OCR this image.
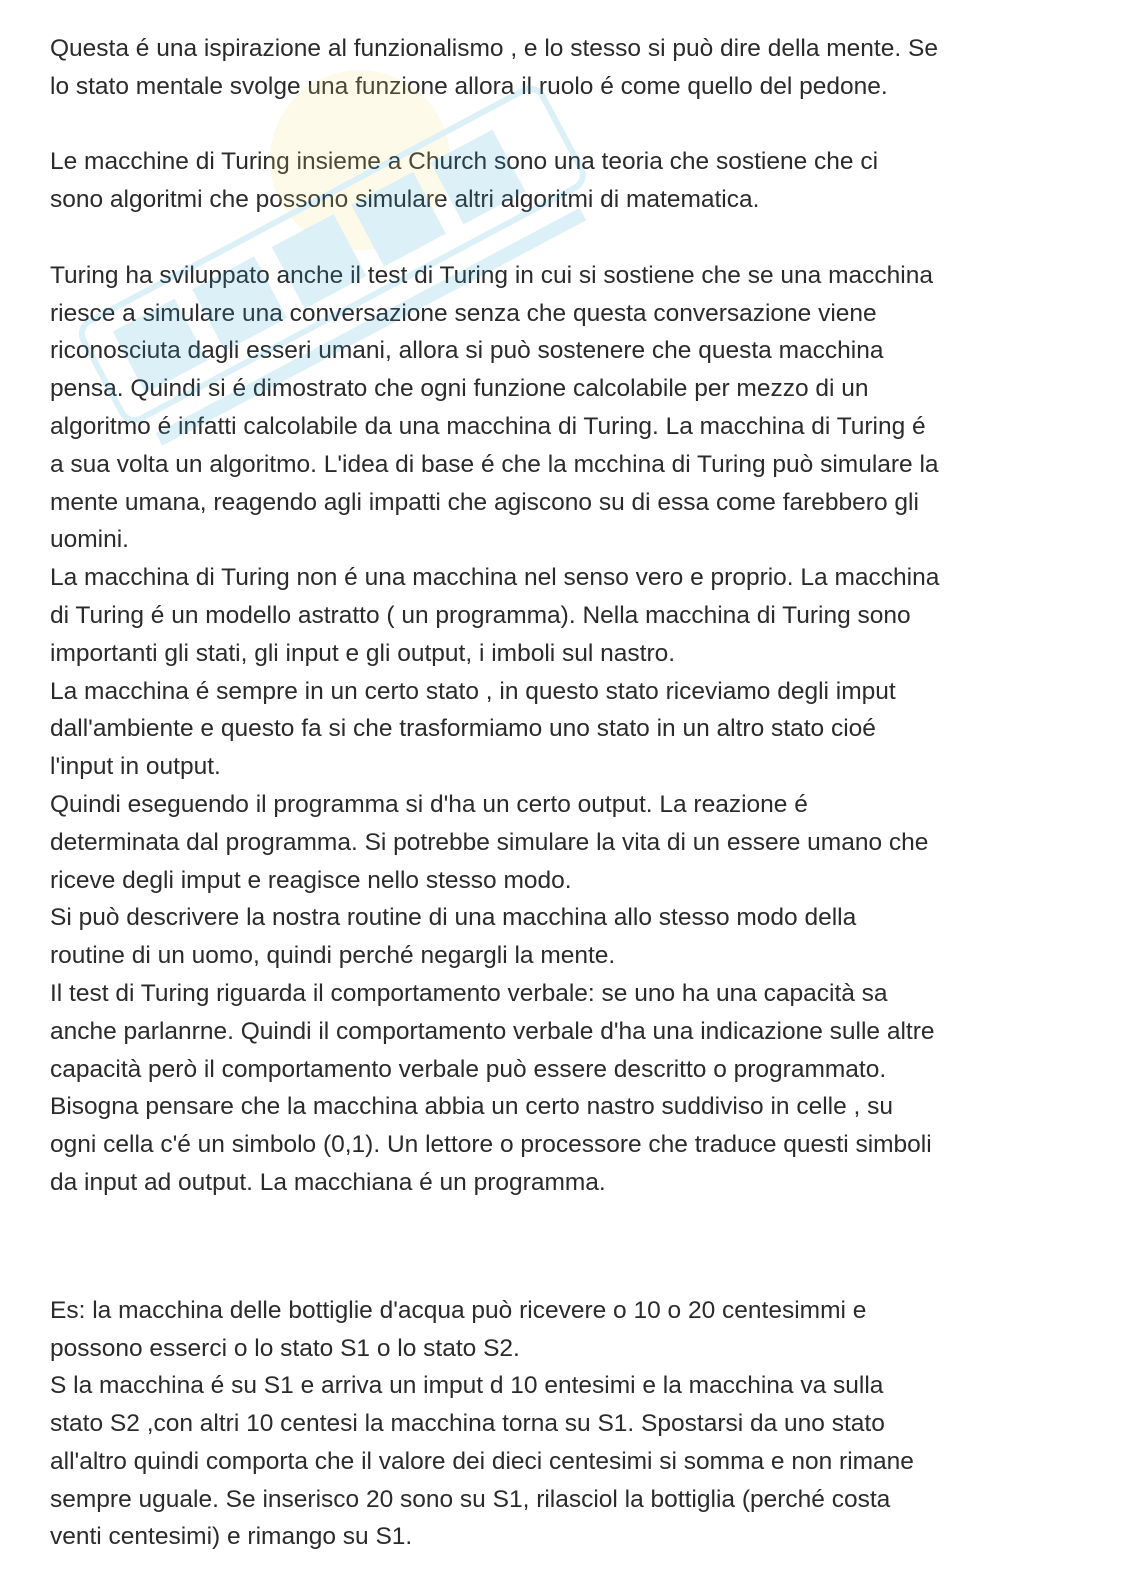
Questa é una ispirazione al funzionalismo , e lo stesso si può dire della mente. Se
lo stato mentale svolge una funzione allora il ruolo é come quello del pedone.
Le macchine di Turing insieme a Church sono una teoria che sostiene che ci
sono algoritmi che possono simulare altri algoritmi di matematica.
Turing ha sviluppato anche il test di Turing in cui si sostiene che se una macchina
riesce a simulare una conversazione senza che questa conversazione viene
riconosciuta dagli esseri umani, allora si può sostenere che questa macchina
pensa. Quindi si é dimostrato che ogni funzione calcolabile per mezzo di un
algoritmo é infatti calcolabile da una macchina di Turing. La macchina di Turing é
a sua volta un algoritmo. L'idea di base é che la mcchina di Turing può simulare la
mente umana, reagendo agli impatti che agiscono su di essa come farebbero gli
uomini.
La macchina di Turing non é una macchina nel senso vero e proprio. La macchina
di Turing é un modello astratto ( un programma). Nella macchina di Turing sono
importanti gli stati, gli input e gli output, i imboli sul nastro.
La macchina é sempre in un certo stato , in questo stato riceviamo degli imput
dall'ambiente e questo fa si che trasformiamo uno stato in un altro stato cioé
l'input in output.
Quindi eseguendo il programma si d'ha un certo output. La reazione é
determinata dal programma. Si potrebbe simulare la vita di un essere umano che
riceve degli imput e reagisce nello stesso modo.
Si può descrivere la nostra routine di una macchina allo stesso modo della
routine di un uomo, quindi perché negargli la mente.
Il test di Turing riguarda il comportamento verbale: se uno ha una capacità sa
anche parlanrne. Quindi il comportamento verbale d'ha una indicazione sulle altre
capacità però il comportamento verbale può essere descritto o programmato.
Bisogna pensare che la macchina abbia un certo nastro suddiviso in celle , su
ogni cella c'é un simbolo (0,1). Un lettore o processore che traduce questi simboli
da input ad output. La macchiana é un programma.
Es: la macchina delle bottiglie d'acqua può ricevere o 10 o 20 centesimmi e
possono esserci o lo stato S1 o lo stato S2.
S la macchina é su S1 e arriva un imput d 10 entesimi e la macchina va sulla
stato S2 ,con altri 10 centesi la macchina torna su S1. Spostarsi da uno stato
all'altro quindi comporta che il valore dei dieci centesimi si somma e non rimane
sempre uguale. Se inserisco 20 sono su S1, rilasciol la bottiglia (perché costa
venti centesimi) e rimango su S1.
